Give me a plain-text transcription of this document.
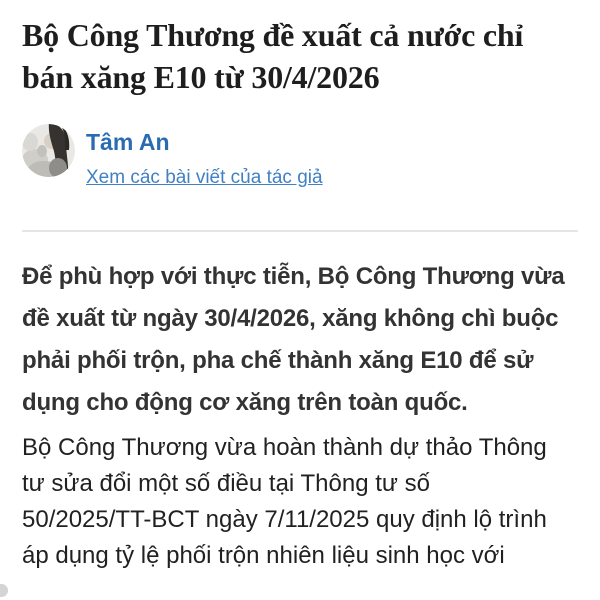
Bộ Công Thương đề xuất cả nước chỉ bán xăng E10 từ 30/4/2026
Tâm An
Xem các bài viết của tác giả

Để phù hợp với thực tiễn, Bộ Công Thương vừa đề xuất từ ngày 30/4/2026, xăng không chì buộc phải phối trộn, pha chế thành xăng E10 để sử dụng cho động cơ xăng trên toàn quốc.

Bộ Công Thương vừa hoàn thành dự thảo Thông tư sửa đổi một số điều tại Thông tư số 50/2025/TT-BCT ngày 7/11/2025 quy định lộ trình áp dụng tỷ lệ phối trộn nhiên liệu sinh học với
